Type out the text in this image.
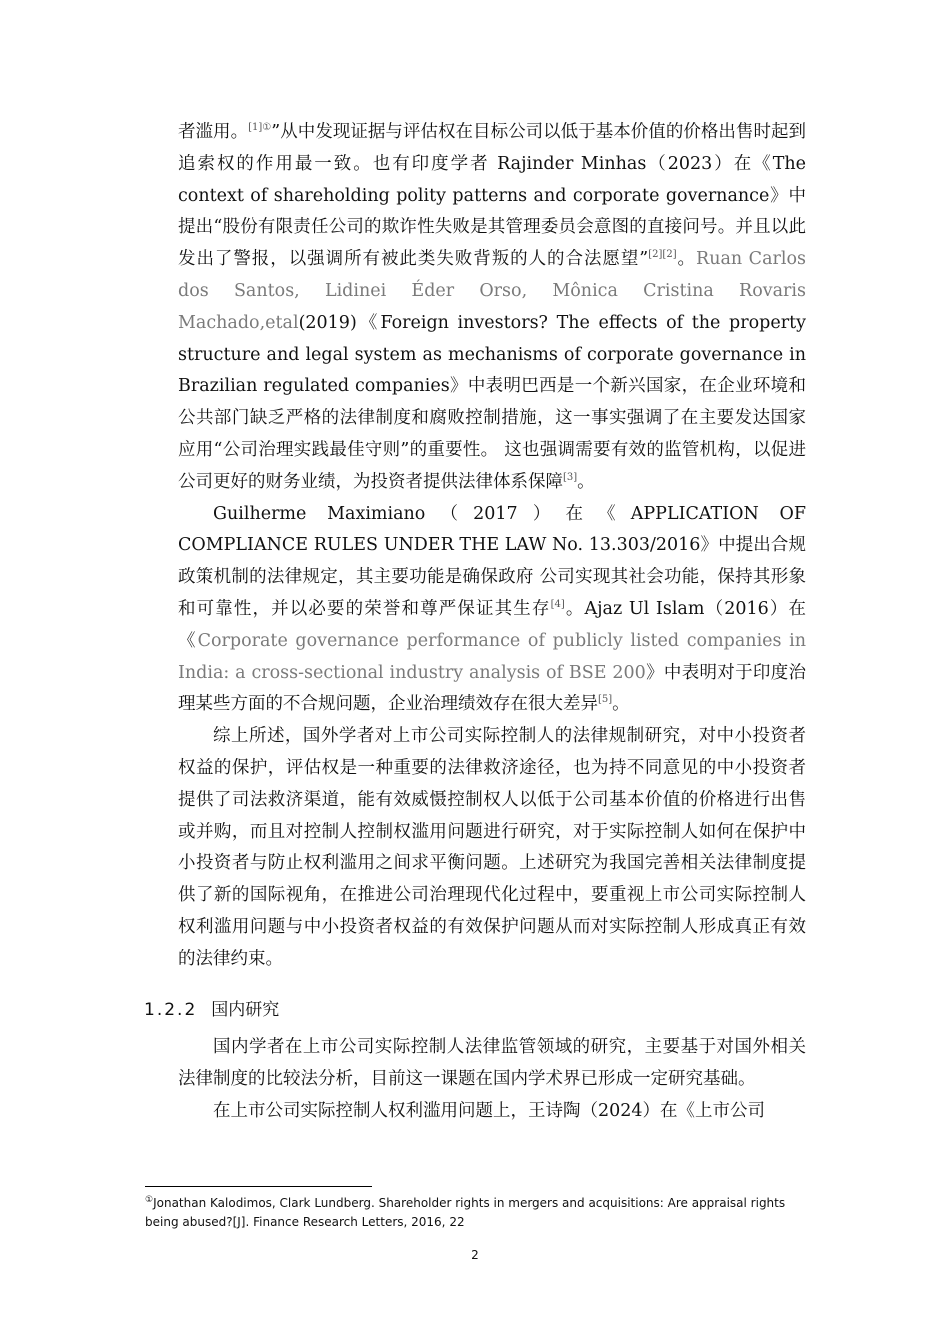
者滥用。$^{[1]①}$”从中发现证据与评估权在目标公司以低于基本价值的价格出售时起到追索权的作用最一致。也有印度学者 Rajinder Minhas（2023）在《The context of shareholding polity patterns and corporate governance》中提出“股份有限责任公司的欺诈性失败是其管理委员会意图的直接问号。并且以此发出了警报，以强调所有被此类失败背叛的人的合法愿望”[2][2]。Ruan Carlos dos Santos, Lidinei Éder Orso, Mônica Cristina Rovaris Machado,etal(2019)《Foreign investors? The effects of the property structure and legal system as mechanisms of corporate governance in Brazilian regulated companies》中表明巴西是一个新兴国家，在企业环境和公共部门缺乏严格的法律制度和腐败控制措施，这一事实强调了在主要发达国家应用“公司治理实践最佳守则”的重要性。 这也强调需要有效的监管机构，以促进公司更好的财务业绩，为投资者提供法律体系保障[3]。

Guilherme Maximiano（2017）在《APPLICATION OF COMPLIANCE RULES UNDER THE LAW No. 13.303/2016》中提出合规政策机制的法律规定，其主要功能是确保政府 公司实现其社会功能，保持其形象和可靠性，并以必要的荣誉和尊严保证其生存[4]。Ajaz Ul Islam（2016）在《Corporate governance performance of publicly listed companies in India: a cross-sectional industry analysis of BSE 200》中表明对于印度治理某些方面的不合规问题，企业治理绩效存在很大差异[5]。

综上所述，国外学者对上市公司实际控制人的法律规制研究，对中小投资者权益的保护，评估权是一种重要的法律救济途径，也为持不同意见的中小投资者提供了司法救济渠道，能有效威慑控制权人以低于公司基本价值的价格进行出售或并购，而且对控制人控制权滥用问题进行研究，对于实际控制人如何在保护中小投资者与防止权利滥用之间求平衡问题。上述研究为我国完善相关法律制度提供了新的国际视角，在推进公司治理现代化过程中，要重视上市公司实际控制人权利滥用问题与中小投资者权益的有效保护问题从而对实际控制人形成真正有效的法律约束。

1.2.2 国内研究

国内学者在上市公司实际控制人法律监管领域的研究，主要基于对国外相关法律制度的比较法分析，目前这一课题在国内学术界已形成一定研究基础。

在上市公司实际控制人权利滥用问题上，王诗陶（2024）在《上市公司

①Jonathan Kalodimos, Clark Lundberg. Shareholder rights in mergers and acquisitions: Are appraisal rights being abused?[J]. Finance Research Letters, 2016, 22
2
